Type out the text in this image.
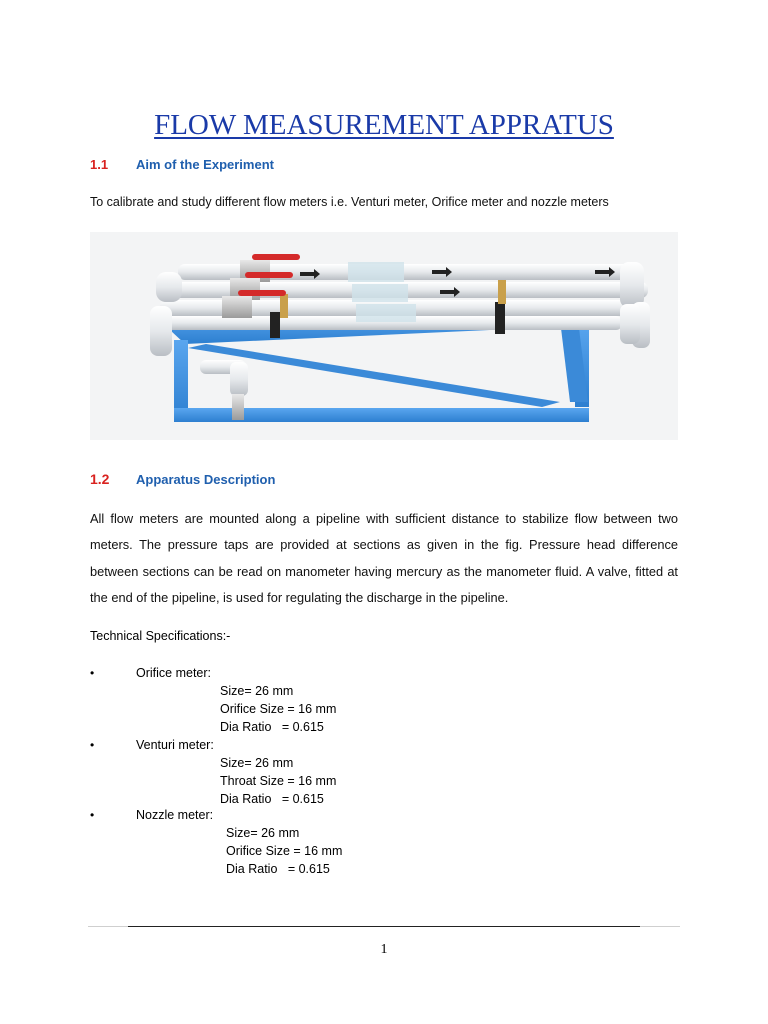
FLOW MEASUREMENT APPRATUS
1.1 Aim of the Experiment
To calibrate and study different flow meters i.e. Venturi meter, Orifice meter and nozzle meters
1.2 Apparatus Description

All flow meters are mounted along a pipeline with sufficient distance to stabilize flow between two meters. The pressure taps are provided at sections as given in the fig. Pressure head difference between sections can be read on manometer having mercury as the manometer fluid. A valve, fitted at the end of the pipeline, is used for regulating the discharge in the pipeline.

Technical Specifications:-
•	Orifice meter:
Size= 26 mm
Orifice Size = 16 mm
Dia Ratio   = 0.615
•	Venturi meter:
Size= 26 mm
Throat Size = 16 mm
Dia Ratio   = 0.615
•	Nozzle meter:
Size= 26 mm
Orifice Size = 16 mm
Dia Ratio   = 0.615
1
